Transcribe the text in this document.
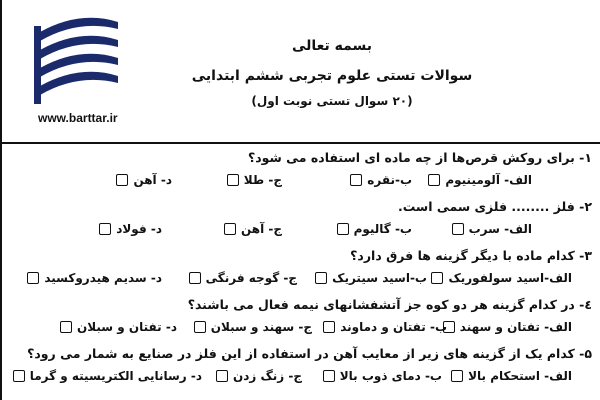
www.barttar.ir
بسمه تعالی
سوالات تستی علوم تجربی ششم ابتدایی
(۲۰ سوال تستی نوبت اول)
۱- برای روکش قرص‌ها از چه ماده ای استفاده می شود؟
الف- آلومینیوم
ب-نقره
ج- طلا
د- آهن
۲- فلز ........ فلزی سمی است.
الف- سرب
ب- گالیوم
ج- آهن
د- فولاد
۳- کدام ماده با دیگر گزینه ها فرق دارد؟
الف-اسید سولفوریک
ب-اسید سیتریک
ج- گوجه فرنگی
د- سدیم هیدروکسید
٤- در کدام گزینه هر دو کوه جز آتشفشانهای نیمه فعال می باشند؟
الف- تفتان و سهند
ب- تفتان و دماوند
ج- سهند و سبلان
د- تفتان و سبلان
۵- کدام یک از گزینه های زیر از معایب آهن در استفاده از این فلز در صنایع به شمار می رود؟
الف- استحکام بالا
ب- دمای ذوب بالا
ج- زنگ زدن
د- رسانایی الکتریسیته و گرما
